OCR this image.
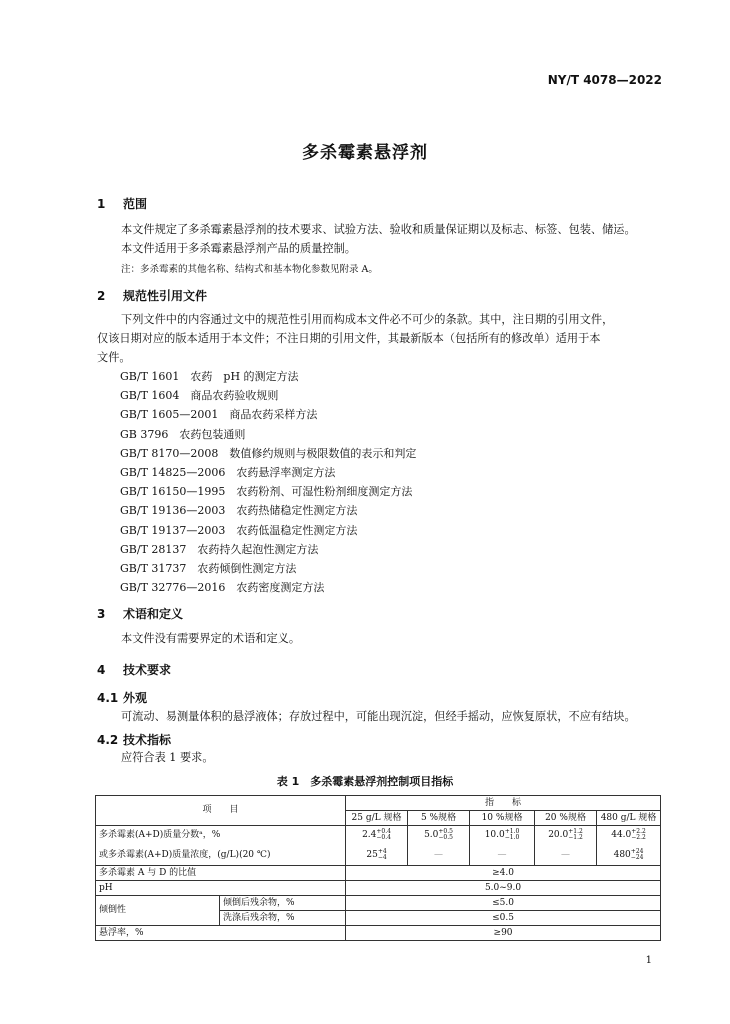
NY/T 4078—2022
多杀霉素悬浮剂
1 范围
本文件规定了多杀霉素悬浮剂的技术要求、试验方法、验收和质量保证期以及标志、标签、包装、储运。
本文件适用于多杀霉素悬浮剂产品的质量控制。
注：多杀霉素的其他名称、结构式和基本物化参数见附录 A。
2 规范性引用文件
下列文件中的内容通过文中的规范性引用而构成本文件必不可少的条款。其中，注日期的引用文件，
仅该日期对应的版本适用于本文件；不注日期的引用文件，其最新版本（包括所有的修改单）适用于本
文件。
GB/T 1601　农药　pH 的测定方法
GB/T 1604　商品农药验收规则
GB/T 1605—2001　商品农药采样方法
GB 3796　农药包装通则
GB/T 8170—2008　数值修约规则与极限数值的表示和判定
GB/T 14825—2006　农药悬浮率测定方法
GB/T 16150—1995　农药粉剂、可湿性粉剂细度测定方法
GB/T 19136—2003　农药热储稳定性测定方法
GB/T 19137—2003　农药低温稳定性测定方法
GB/T 28137　农药持久起泡性测定方法
GB/T 31737　农药倾倒性测定方法
GB/T 32776—2016　农药密度测定方法
3 术语和定义
本文件没有需要界定的术语和定义。
4 技术要求
4.1 外观
可流动、易测量体积的悬浮液体；存放过程中，可能出现沉淀，但经手摇动，应恢复原状，不应有结块。
4.2 技术指标
应符合表 1 要求。
表 1　多杀霉素悬浮剂控制项目指标
项　　目		指　　标				
		25 g/L 规格	5 %规格	10 %规格	20 %规格	480 g/L 规格
多杀霉素(A+D)质量分数ᵃ，%		$2.4^{+0.4 -0.4}$	$5.0^{+0.5 -0.5}$	$10.0^{+1.0 -1.0}$	$20.0^{+1.2 -1.2}$	$44.0^{+2.2 -2.2}$
或多杀霉素(A+D)质量浓度，(g/L)(20 ℃)		$25^{+4 -4}$	—	—	—	$480^{+24 -24}$
多杀霉素 A 与 D 的比值		≥4.0				
pH		5.0~9.0				
倾倒性	倾倒后残余物，%	≤5.0				
	洗涤后残余物，%	≤0.5				
悬浮率，%		≥90				
1
